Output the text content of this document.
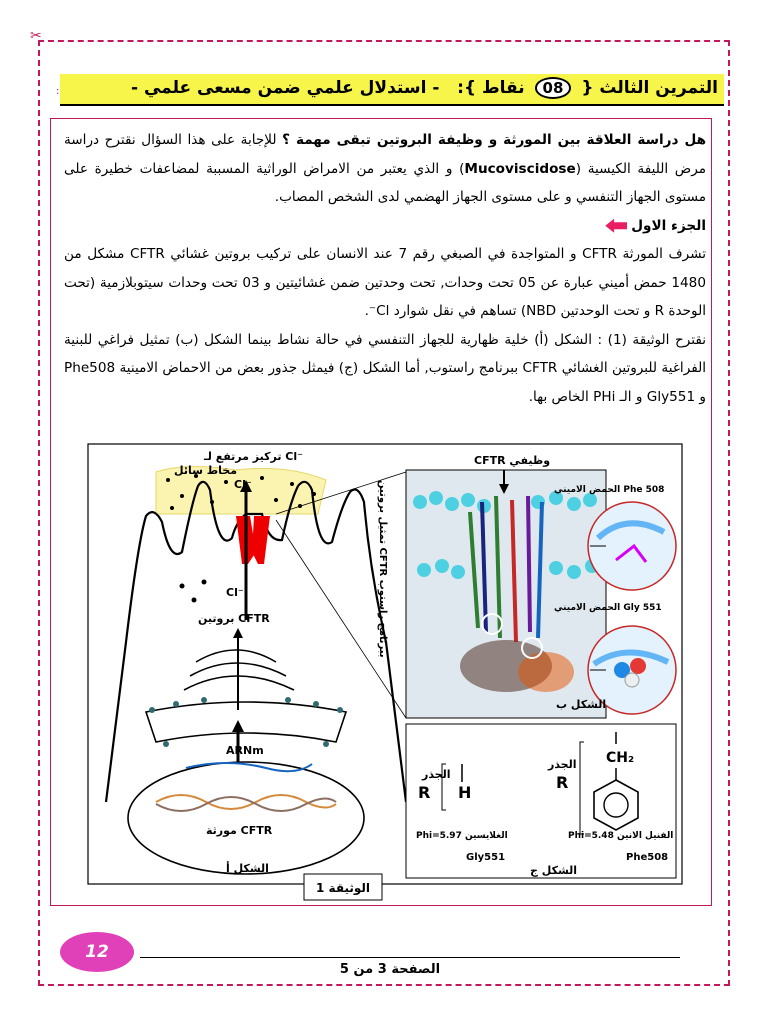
✂
:	التمرين الثالث { 08 نقاط }:   - استدلال علمي ضمن مسعى علمي -

هل دراسة العلاقة بين المورثة و وظيفة البروتين تبقى مهمة ؟ للإجابة على هذا السؤال نقترح دراسة مرض الليفة الكيسية (Mucoviscidose) و الذي يعتبر من الامراض الوراثية المسببة لمضاعفات خطيرة على مستوى الجهاز التنفسي و على مستوى الجهاز الهضمي لدى الشخص المصاب.

الجزء الاول

تشرف المورثة CFTR و المتواجدة في الصبغي رقم 7 عند الانسان على تركيب بروتين غشائي CFTR مشكل من 1480 حمض أميني عبارة عن 05 تحت وحدات, تحت وحدتين ضمن غشائيتين و 03 تحت وحدات سيتوبلازمية (تحت الوحدة R و تحت الوحدتين NBD) تساهم في نقل شوارد Cl⁻.

نقترح الوثيقة (1) : الشكل (أ) خلية ظهارية للجهاز التنفسي في حالة نشاط بينما الشكل (ب) تمثيل فراغي للبنية الفراغية للبروتين الغشائي CFTR ببرنامج راستوب, أما الشكل (ج) فيمثل جذور بعض من الاحماض الامينية Phe508 و Gly551 و الـ PHi الخاص بها.

مخاط سائل
تركيز مرتفع لـ Cl⁻
Cl⁻
Cl⁻
بروتين CFTR
ARNm
مورثة CFTR
الشكل أ
CFTR وظيفي
تمثيل بروتين CFTR ببرنامج راستوب
الحمض الاميني Phe 508
الحمض الاميني Gly 551
الشكل ب
الجذر
R H
الجذر
R
CH₂
Phi=5.97 الغلايسين
Gly551
Phi=5.48 الفنيل الانين
Phe508
الشكل ج
الوثيقة 1
12
الصفحة 3 من 5
